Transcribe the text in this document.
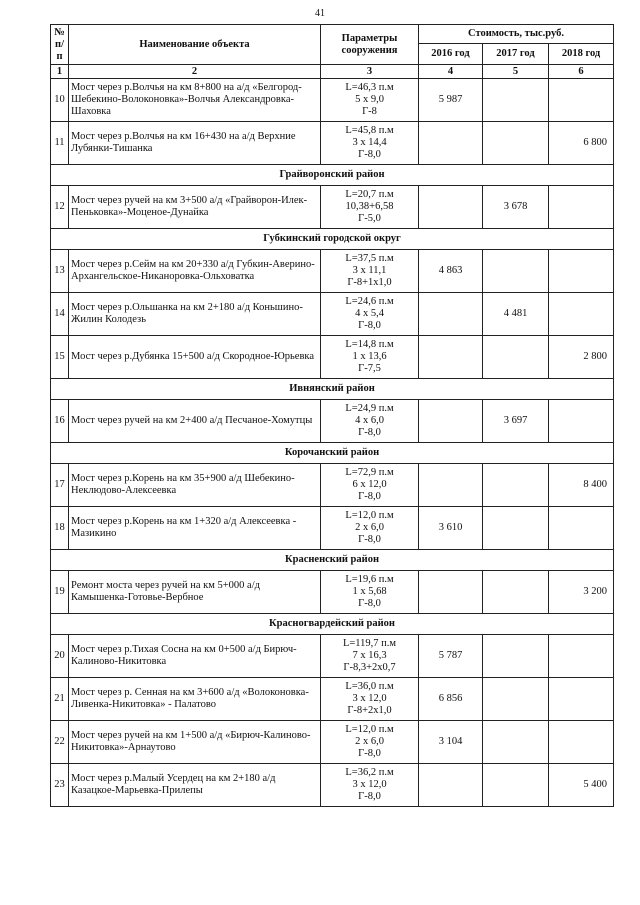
41
№ п/п	Наименование объекта	Параметры сооружения	Стоимость, тыс.руб.		
			2016 год	2017 год	2018 год
1	2	3	4	5	6
10	Мост через р.Волчья на км 8+800 на а/д «Белгород-Шебекино-Волоконовка»-Волчья Александровка-Шаховка	L=46,3 п.м
5 х 9,0
Г-8	5 987		
11	Мост через р.Волчья на км 16+430 на а/д Верхние Лубянки-Тишанка	L=45,8 п.м
3 х 14,4
Г-8,0			6 800
Грайворонский район					
12	Мост через ручей на км 3+500 а/д «Грайворон-Илек-Пеньковка»-Моценое-Дунайка	L=20,7 п.м
10,38+6,58
Г-5,0		3 678	
Губкинский городской округ					
13	Мост через р.Сейм на км 20+330 а/д Губкин-Аверино-Архангельское-Никаноровка-Ольховатка	L=37,5 п.м
3 х 11,1
Г-8+1х1,0	4 863		
14	Мост через р.Ольшанка на км 2+180 а/д Коньшино-Жилин Колодезь	L=24,6 п.м
4 х 5,4
Г-8,0		4 481	
15	Мост через р.Дубянка 15+500 а/д Скородное-Юрьевка	L=14,8 п.м
1 х 13,6
Г-7,5			2 800
Ивнянский район					
16	Мост через ручей на км 2+400 а/д Песчаное-Хомутцы	L=24,9 п.м
4 х 6,0
Г-8,0		3 697	
Корочанский район					
17	Мост через р.Корень на км 35+900 а/д Шебекино-Неклюдово-Алексеевка	L=72,9 п.м
6 х 12,0
Г-8,0			8 400
18	Мост через р.Корень на км 1+320 а/д Алексеевка - Мазикино	L=12,0 п.м
2 х 6,0
Г-8,0	3 610		
Красненский район					
19	Ремонт моста через ручей на км 5+000 а/д Камышенка-Готовье-Вербное	L=19,6 п.м
1 х 5,68
Г-8,0			3 200
Красногвардейский район					
20	Мост через р.Тихая Сосна на км 0+500 а/д Бирюч-Калиново-Никитовка	L=119,7 п.м
7 х 16,3
Г-8,3+2х0,7	5 787		
21	Мост через р. Сенная на км 3+600 а/д «Волоконовка-Ливенка-Никитовка» - Палатово	L=36,0 п.м
3 х 12,0
Г-8+2х1,0	6 856		
22	Мост через ручей на км 1+500 а/д «Бирюч-Калиново-Никитовка»-Арнаутово	L=12,0 п.м
2 х 6,0
Г-8,0	3 104		
23	Мост через р.Малый Усердец на км 2+180 а/д Казацкое-Марьевка-Прилепы	L=36,2 п.м
3 х 12,0
Г-8,0			5 400
